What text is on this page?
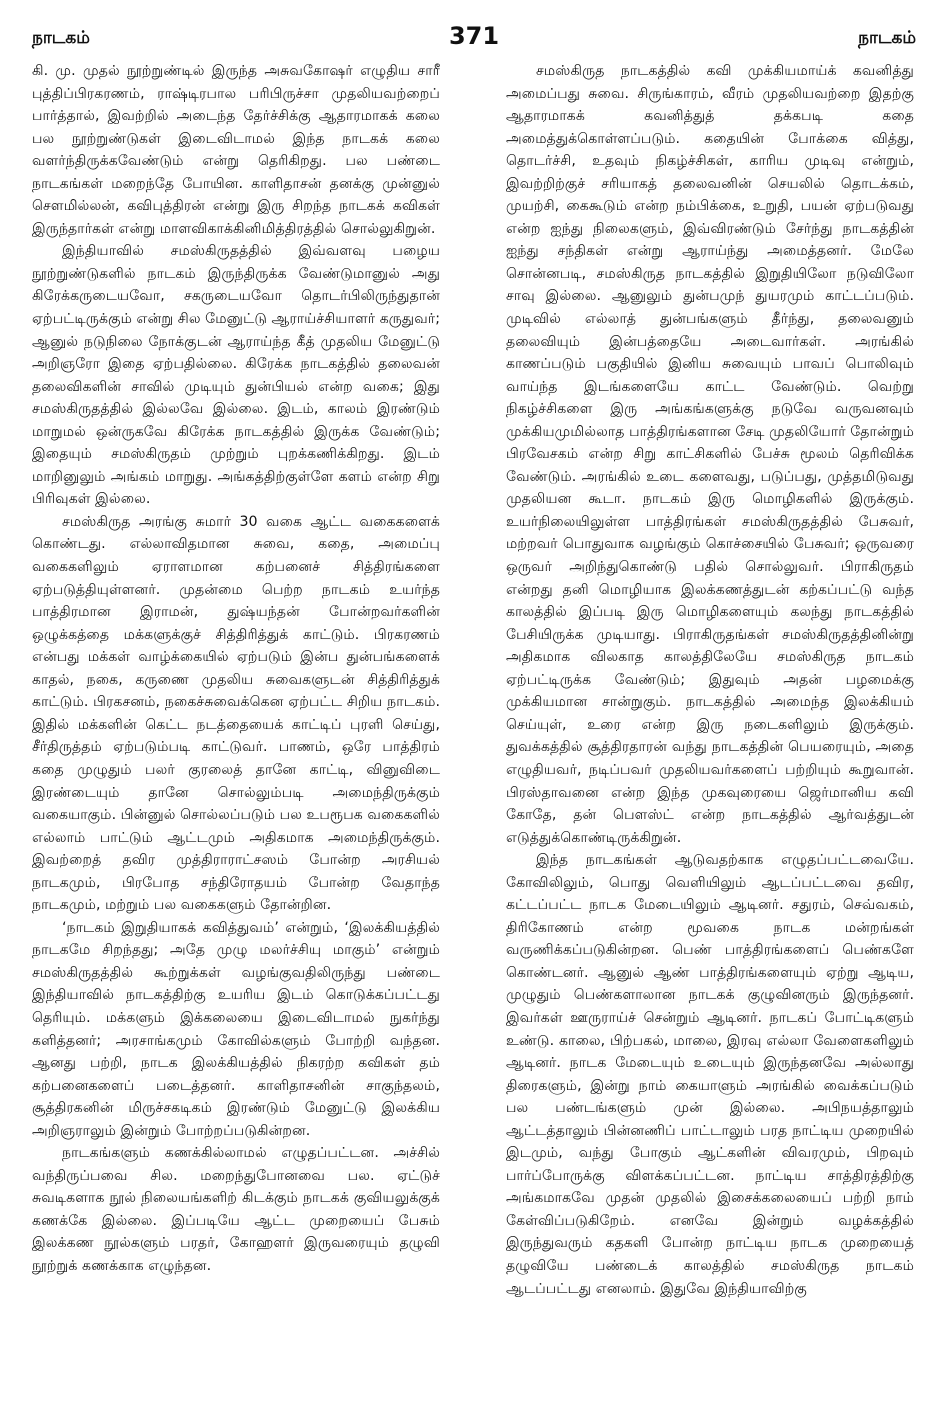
நாடகம்	371	நாடகம்

கி. மு. முதல் நூற்றுண்டில் இருந்த அசுவகோஷர் எழுதிய சாரீ புத்திப்பிரகரணம், ராஷ்டிரபால பரிபிருச்சா முதலியவற்றைப் பார்த்தால், இவற்றில் அடைந்த தேர்ச்சிக்கு ஆதாரமாகக் கலை பல நூற்றுண்டுகள் இடைவிடாமல் இந்த நாடகக் கலை வளர்ந்திருக்கவேண்டும் என்று தெரிகிறது. பல பண்டை நாடகங்கள் மறைந்தே போயின. காளிதாசன் தனக்கு முன்னுல் சௌமில்லன், கவிபுத்திரன் என்று இரு சிறந்த நாடகக் கவிகள் இருந்தார்கள் என்று மாளவிகாக்கினிமித்திரத்தில் சொல்லுகிறுன்.

இந்தியாவில் சமஸ்கிருதத்தில் இவ்வளவு பழைய நூற்றுண்டுகளில் நாடகம் இருந்திருக்க வேண்டுமானுல் அது கிரேக்கருடையவோ, சகருடையவோ தொடர்பிலிருந்துதான் ஏற்பட்டிருக்கும் என்று சில மேனுட்டு ஆராய்ச்சியாளர் கருதுவர்; ஆனுல் நடுநிலை நோக்குடன் ஆராய்ந்த கீத் முதலிய மேனுட்டு அறிஞரோ இதை ஏற்பதில்லை. கிரேக்க நாடகத்தில் தலைவன் தலைவிகளின் சாவில் முடியும் துன்பியல் என்ற வகை; இது சமஸ்கிருதத்தில் இல்லவே இல்லை. இடம், காலம் இரண்டும் மாறுமல் ஒன்ருகவே கிரேக்க நாடகத்தில் இருக்க வேண்டும்; இதையும் சமஸ்கிருதம் முற்றும் புறக்கணிக்கிறது. இடம் மாறினுலும் அங்கம் மாறுது. அங்கத்திற்குள்ளே களம் என்ற சிறு பிரிவுகள் இல்லை.

சமஸ்கிருத அரங்கு சுமார் 30 வகை ஆட்ட வகைகளைக் கொண்டது. எல்லாவிதமான சுவை, கதை, அமைப்பு வகைகளிலும் ஏராளமான கற்பனைச் சித்திரங்களை ஏற்படுத்தியுள்ளனர். முதன்மை பெற்ற நாடகம் உயர்ந்த பாத்திரமான இராமன், துஷ்யந்தன் போன்றவர்களின் ஒழுக்கத்தை மக்களுக்குச் சித்திரித்துக் காட்டும். பிரகரணம் என்பது மக்கள் வாழ்க்கையில் ஏற்படும் இன்ப துன்பங்களைக் காதல், நகை, கருணை முதலிய சுவைகளுடன் சித்திரித்துக் காட்டும். பிரகசனம், நகைச்சுவைக்கென ஏற்பட்ட சிறிய நாடகம். இதில் மக்களின் கெட்ட நடத்தையைக் காட்டிப் புரளி செய்து, சீர்திருத்தம் ஏற்படும்படி காட்டுவர். பாணம், ஒரே பாத்திரம் கதை முழுதும் பலர் குரலைத் தானே காட்டி, வினுவிடை இரண்டையும் தானே சொல்லும்படி அமைந்திருக்கும் வகையாகும். பின்னுல் சொல்லப்படும் பல உபரூபக வகைகளில் எல்லாம் பாட்டும் ஆட்டமும் அதிகமாக அமைந்திருக்கும். இவற்றைத் தவிர முத்திராராட்சஸம் போன்ற அரசியல் நாடகமும், பிரபோத சந்திரோதயம் போன்ற வேதாந்த நாடகமும், மற்றும் பல வகைகளும் தோன்றின.

‘நாடகம் இறுதியாகக் கவித்துவம்’ என்றும், ‘இலக்கியத்தில் நாடகமே சிறந்தது; அதே முழு மலர்ச்சியு மாகும்’ என்றும் சமஸ்கிருதத்தில் கூற்றுக்கள் வழங்குவதிலிருந்து பண்டை இந்தியாவில் நாடகத்திற்கு உயரிய இடம் கொடுக்கப்பட்டது தெரியும். மக்களும் இக்கலையை இடைவிடாமல் நுகர்ந்து களித்தனர்; அரசாங்கமும் கோவில்களும் போற்றி வந்தன. ஆனது பற்றி, நாடக இலக்கியத்தில் நிகரற்ற கவிகள் தம் கற்பனைகளைப் படைத்தனர். காளிதாசனின் சாகுந்தலம், சூத்திரகனின் மிருச்சகடிகம் இரண்டும் மேனுட்டு இலக்கிய அறிஞராலும் இன்றும் போற்றப்படுகின்றன.

நாடகங்களும் கணக்கில்லாமல் எழுதப்பட்டன. அச்சில் வந்திருப்பவை சில. மறைந்துபோனவை பல. ஏட்டுச் சுவடிகளாக நூல் நிலையங்களிற் கிடக்கும் நாடகக் குவியலுக்குக் கணக்கே இல்லை. இப்படியே ஆட்ட முறையைப் பேசும் இலக்கண நூல்களும் பரதர், கோஹளர் இருவரையும் தழுவி நூற்றுக் கணக்காக எழுந்தன.

சமஸ்கிருத நாடகத்தில் கவி முக்கியமாய்க் கவனித்து அமைப்பது சுவை. சிருங்காரம், வீரம் முதலியவற்றை இதற்கு ஆதாரமாகக் கவனித்துத் தக்கபடி கதை அமைத்துக்கொள்ளப்படும். கதையின் போக்கை வித்து, தொடர்ச்சி, உதவும் நிகழ்ச்சிகள், காரிய முடிவு என்றும், இவற்றிற்குச் சரியாகத் தலைவனின் செயலில் தொடக்கம், முயற்சி, கைகூடும் என்ற நம்பிக்கை, உறுதி, பயன் ஏற்படுவது என்ற ஐந்து நிலைகளும், இவ்விரண்டும் சேர்ந்து நாடகத்தின் ஐந்து சந்திகள் என்று ஆராய்ந்து அமைத்தனர். மேலே சொன்னபடி, சமஸ்கிருத நாடகத்தில் இறுதியிலோ நடுவிலோ சாவு இல்லை. ஆனுலும் துன்பமுந் துயரமும் காட்டப்படும். முடிவில் எல்லாத் துன்பங்களும் தீர்ந்து, தலைவனும் தலைவியும் இன்பத்தையே அடைவார்கள். அரங்கில் காணப்படும் பகுதியில் இனிய சுவையும் பாவப் பொலிவும் வாய்ந்த இடங்களையே காட்ட வேண்டும். வெற்று நிகழ்ச்சிகளை இரு அங்கங்களுக்கு நடுவே வருவனவும் முக்கியமுமில்லாத பாத்திரங்களான சேடி முதலியோர் தோன்றும் பிரவேசகம் என்ற சிறு காட்சிகளில் பேச்சு மூலம் தெரிவிக்க வேண்டும். அரங்கில் உடை களைவது, படுப்பது, முத்தமிடுவது முதலியன கூடா. நாடகம் இரு மொழிகளில் இருக்கும். உயர்நிலையிலுள்ள பாத்திரங்கள் சமஸ்கிருதத்தில் பேசுவர், மற்றவர் பொதுவாக வழங்கும் கொச்சையில் பேசுவர்; ஒருவரை ஒருவர் அறிந்துகொண்டு பதில் சொல்லுவர். பிராகிருதம் என்றது தனி மொழியாக இலக்கணத்துடன் கற்கப்பட்டு வந்த காலத்தில் இப்படி இரு மொழிகளையும் கலந்து நாடகத்தில் பேசியிருக்க முடியாது. பிராகிருதங்கள் சமஸ்கிருதத்தினின்று அதிகமாக விலகாத காலத்திலேயே சமஸ்கிருத நாடகம் ஏற்பட்டிருக்க வேண்டும்; இதுவும் அதன் பழமைக்கு முக்கியமான சான்றுகும். நாடகத்தில் அமைந்த இலக்கியம் செய்யுள், உரை என்ற இரு நடைகளிலும் இருக்கும். துவக்கத்தில் சூத்திரதாரன் வந்து நாடகத்தின் பெயரையும், அதை எழுதியவர், நடிப்பவர் முதலியவர்களைப் பற்றியும் கூறுவான். பிரஸ்தாவனை என்ற இந்த முகவுரையை ஜெர்மானிய கவி கோதே, தன் பௌஸ்ட் என்ற நாடகத்தில் ஆர்வத்துடன் எடுத்துக்கொண்டிருக்கிறுன்.

இந்த நாடகங்கள் ஆடுவதற்காக எழுதப்பட்டவையே. கோவிலிலும், பொது வெளியிலும் ஆடப்பட்டவை தவிர, கட்டப்பட்ட நாடக மேடையிலும் ஆடினர். சதுரம், செவ்வகம், திரிகோணம் என்ற மூவகை நாடக மன்றங்கள் வருணிக்கப்படுகின்றன. பெண் பாத்திரங்களைப் பெண்களே கொண்டனர். ஆனுல் ஆண் பாத்திரங்களையும் ஏற்று ஆடிய, முழுதும் பெண்களாலான நாடகக் குழுவினரும் இருந்தனர். இவர்கள் ஊருராய்ச் சென்றும் ஆடினர். நாடகப் போட்டிகளும் உண்டு. காலை, பிற்பகல், மாலை, இரவு எல்லா வேளைகளிலும் ஆடினர். நாடக மேடையும் உடையும் இருந்தனவே அல்லாது திரைகளும், இன்று நாம் கையாளும் அரங்கில் வைக்கப்படும் பல பண்டங்களும் முன் இல்லை. அபிநயத்தாலும் ஆட்டத்தாலும் பின்னணிப் பாட்டாலும் பரத நாட்டிய முறையில் இடமும், வந்து போகும் ஆட்களின் விவரமும், பிறவும் பார்ப்போருக்கு விளக்கப்பட்டன. நாட்டிய சாத்திரத்திற்கு அங்கமாகவே முதன் முதலில் இசைக்கலையைப் பற்றி நாம் கேள்விப்படுகிறேம். எனவே இன்றும் வழக்கத்தில் இருந்துவரும் கதகளி போன்ற நாட்டிய நாடக முறையைத் தழுவியே பண்டைக் காலத்தில் சமஸ்கிருத நாடகம் ஆடப்பட்டது எனலாம். இதுவே இந்தியாவிற்கு
